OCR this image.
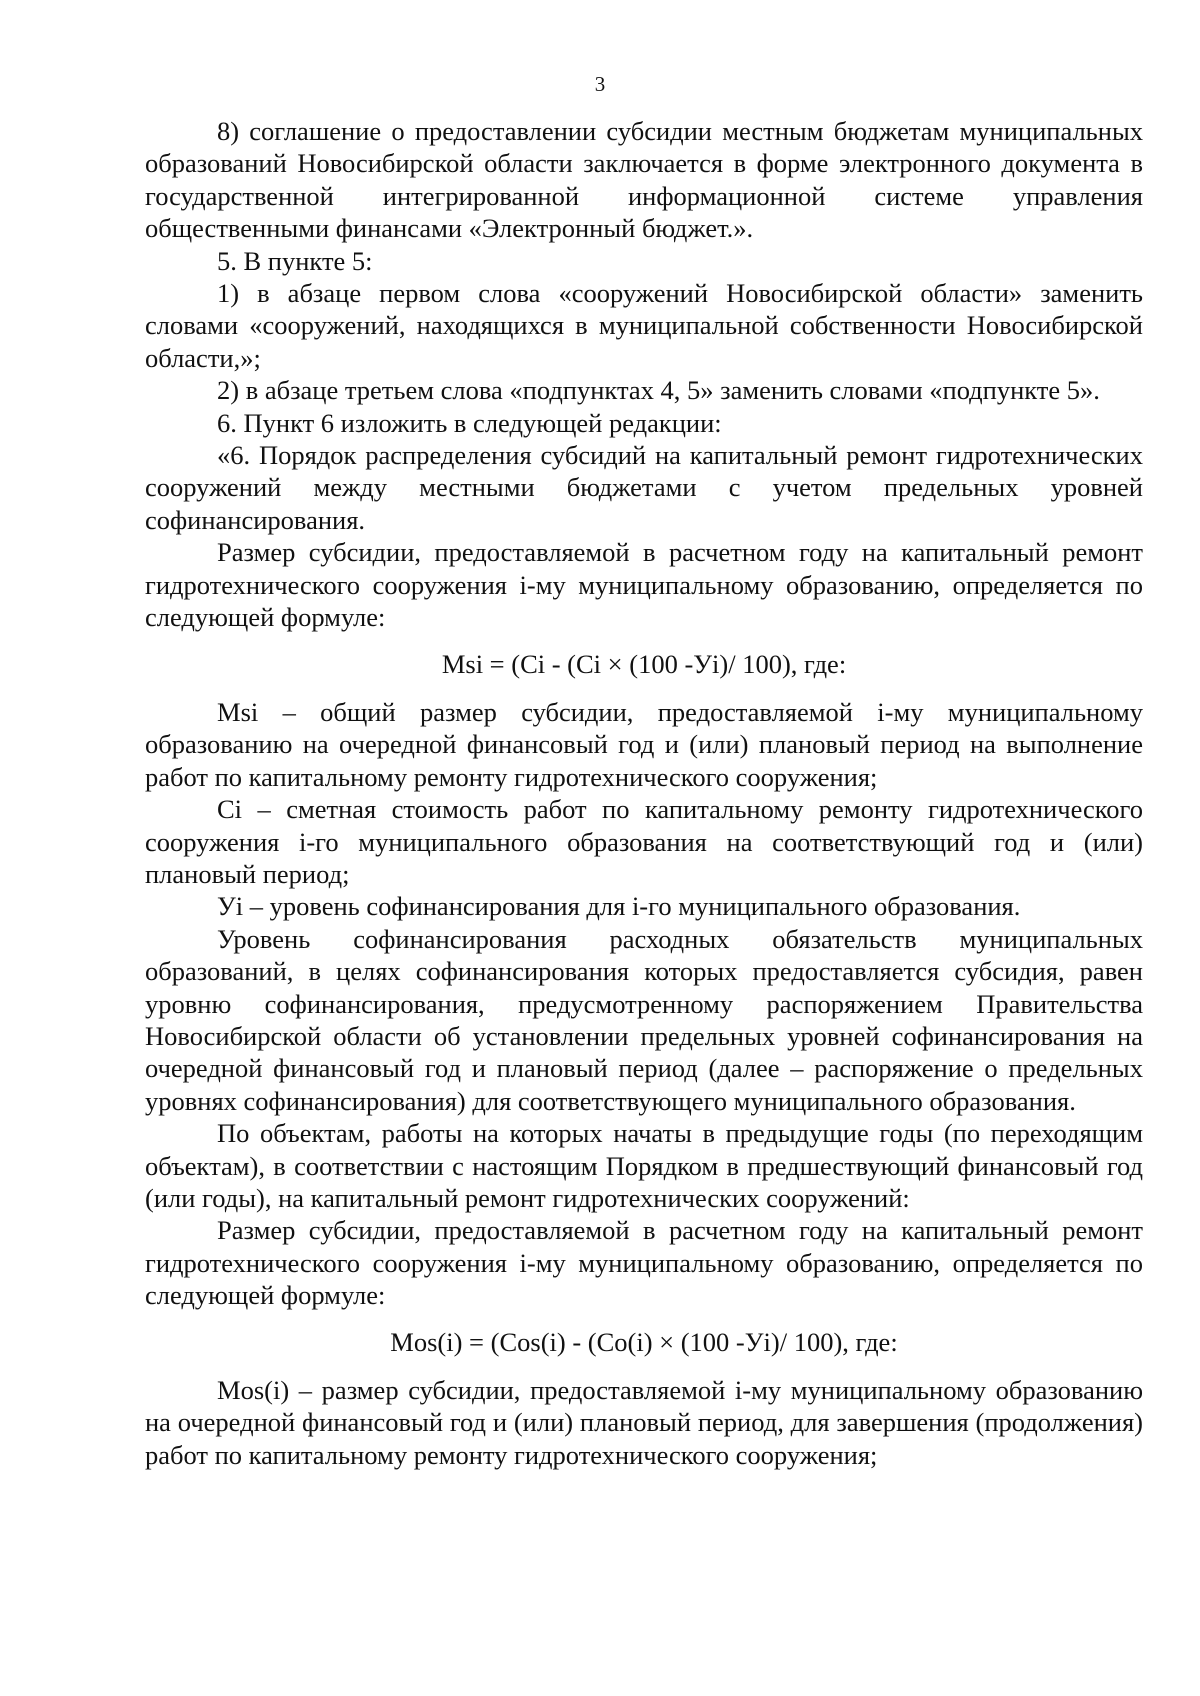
3

8) соглашение о предоставлении субсидии местным бюджетам муниципальных образований Новосибирской области заключается в форме электронного документа в государственной интегрированной информационной системе управления общественными финансами «Электронный бюджет.».

5. В пункте 5:

1) в абзаце первом слова «сооружений Новосибирской области» заменить словами «сооружений, находящихся в муниципальной собственности Новосибирской области,»;

2) в абзаце третьем слова «подпунктах 4, 5» заменить словами «подпункте 5».

6. Пункт 6 изложить в следующей редакции:

«6. Порядок распределения субсидий на капитальный ремонт гидротехнических сооружений между местными бюджетами с учетом предельных уровней софинансирования.

Размер субсидии, предоставляемой в расчетном году на капитальный ремонт гидротехнического сооружения i-му муниципальному образованию, определяется по следующей формуле:

Msi = (Ci - (Ci × (100 -Уi)/ 100), где:

Msi – общий размер субсидии, предоставляемой i-му муниципальному образованию на очередной финансовый год и (или) плановый период на выполнение работ по капитальному ремонту гидротехнического сооружения;

Ci – сметная стоимость работ по капитальному ремонту гидротехнического сооружения i-го муниципального образования на соответствующий год и (или) плановый период;

Уi – уровень софинансирования для i-го муниципального образования.

Уровень софинансирования расходных обязательств муниципальных образований, в целях софинансирования которых предоставляется субсидия, равен уровню софинансирования, предусмотренному распоряжением Правительства Новосибирской области об установлении предельных уровней софинансирования на очередной финансовый год и плановый период (далее – распоряжение о предельных уровнях софинансирования) для соответствующего муниципального образования.

По объектам, работы на которых начаты в предыдущие годы (по переходящим объектам), в соответствии с настоящим Порядком в предшествующий финансовый год (или годы), на капитальный ремонт гидротехнических сооружений:

Размер субсидии, предоставляемой в расчетном году на капитальный ремонт гидротехнического сооружения i-му муниципальному образованию, определяется по следующей формуле:

Mos(i) = (Cos(i) - (Co(i) × (100 -Уi)/ 100), где:

Mos(i) – размер субсидии, предоставляемой i-му муниципальному образованию на очередной финансовый год и (или) плановый период, для завершения (продолжения) работ по капитальному ремонту гидротехнического сооружения;
